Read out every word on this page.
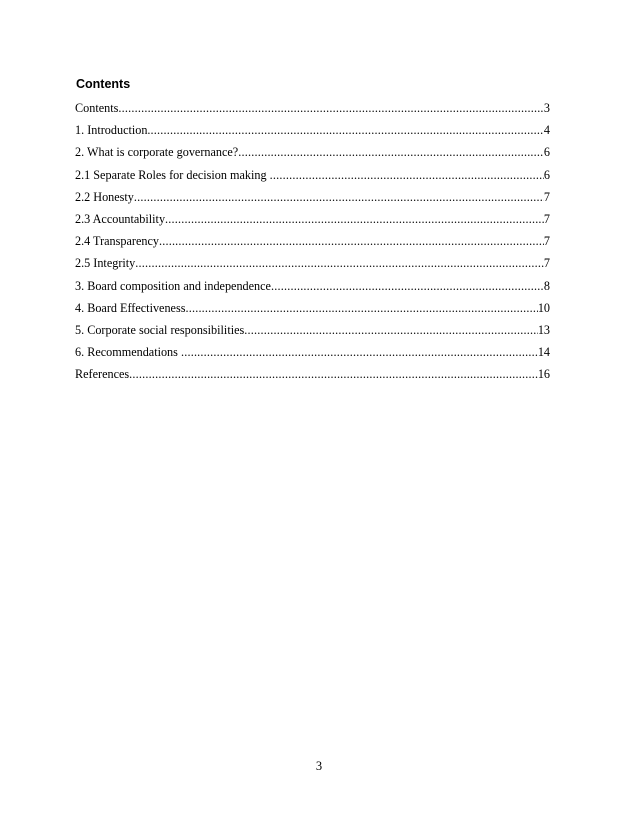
Contents
Contents .....	3
1. Introduction. .....	4
2. What is corporate governance? .....	6
2.1 Separate Roles for decision making .....	6
2.2 Honesty .....	7
2.3 Accountability .....	7
2.4 Transparency .....	7
2.5 Integrity .....	7
3. Board composition and independence .....	8
4. Board Effectiveness .....	10
5. Corporate social responsibilities .....	13
6. Recommendations .....	14
References .....	16
3
